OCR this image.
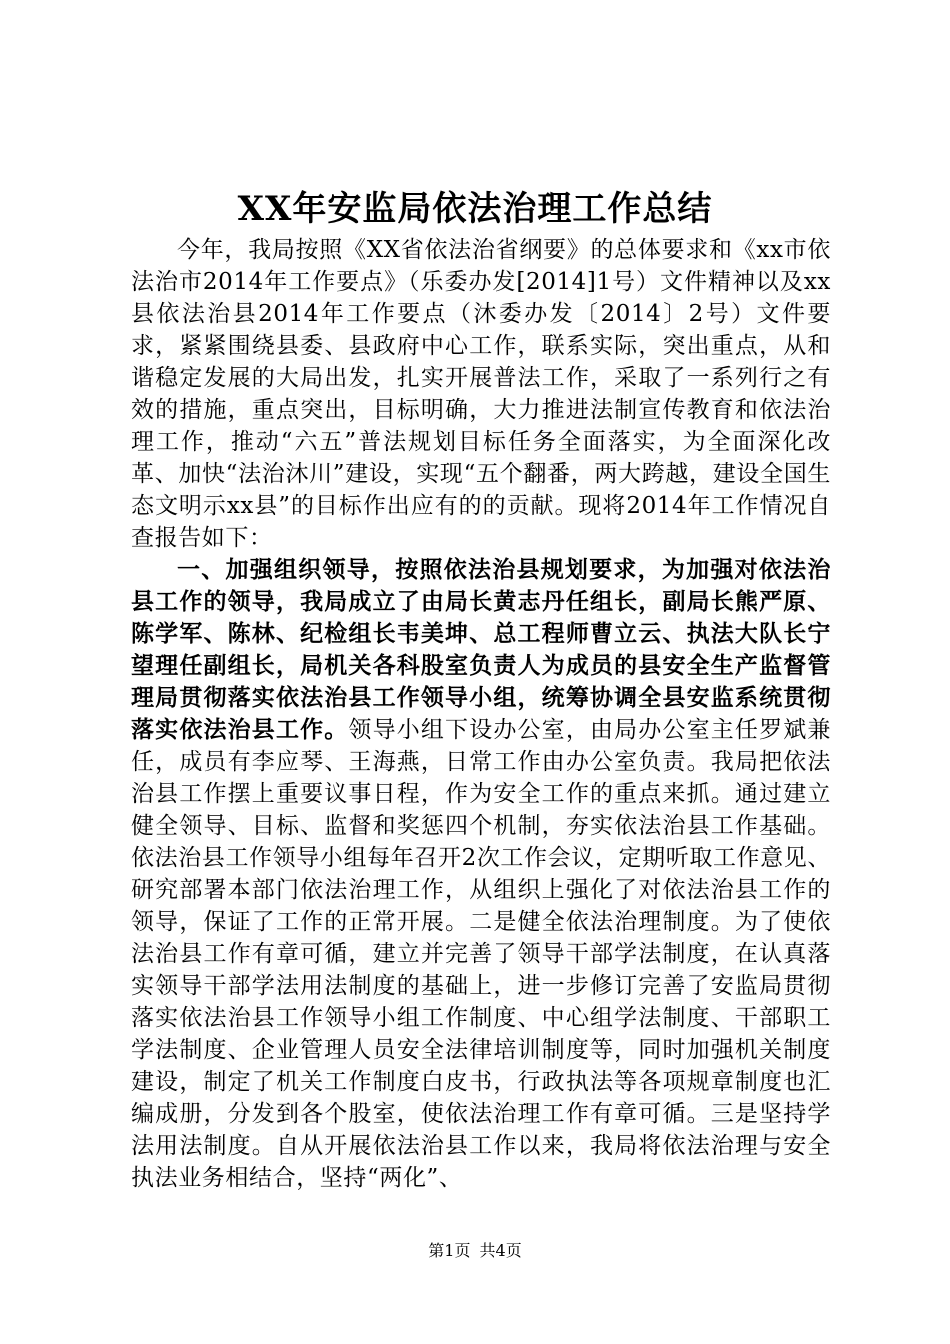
XX年安监局依法治理工作总结

今年，我局按照《XX省依法治省纲要》的总体要求和《xx市依法治市2014年工作要点》（乐委办发[2014]1号）文件精神以及xx县依法治县2014年工作要点（沐委办发〔2014〕2号）文件要求，紧紧围绕县委、县政府中心工作，联系实际，突出重点，从和谐稳定发展的大局出发，扎实开展普法工作，采取了一系列行之有效的措施，重点突出，目标明确，大力推进法制宣传教育和依法治理工作，推动“六五”普法规划目标任务全面落实，为全面深化改革、加快“法治沐川”建设，实现“五个翻番，两大跨越，建设全国生态文明示xx县”的目标作出应有的的贡献。现将2014年工作情况自查报告如下：

一、加强组织领导，按照依法治县规划要求，为加强对依法治县工作的领导，我局成立了由局长黄志丹任组长，副局长熊严原、陈学军、陈林、纪检组长韦美坤、总工程师曹立云、执法大队长宁望理任副组长，局机关各科股室负责人为成员的县安全生产监督管理局贯彻落实依法治县工作领导小组，统筹协调全县安监系统贯彻落实依法治县工作。领导小组下设办公室，由局办公室主任罗斌兼任，成员有李应琴、王海燕，日常工作由办公室负责。我局把依法治县工作摆上重要议事日程，作为安全工作的重点来抓。通过建立健全领导、目标、监督和奖惩四个机制，夯实依法治县工作基础。依法治县工作领导小组每年召开2次工作会议，定期听取工作意见、研究部署本部门依法治理工作，从组织上强化了对依法治县工作的领导，保证了工作的正常开展。二是健全依法治理制度。为了使依法治县工作有章可循，建立并完善了领导干部学法制度，在认真落实领导干部学法用法制度的基础上，进一步修订完善了安监局贯彻落实依法治县工作领导小组工作制度、中心组学法制度、干部职工学法制度、企业管理人员安全法律培训制度等，同时加强机关制度建设，制定了机关工作制度白皮书，行政执法等各项规章制度也汇编成册，分发到各个股室，使依法治理工作有章可循。三是坚持学法用法制度。自从开展依法治县工作以来，我局将依法治理与安全执法业务相结合，坚持“两化”、

第1页 共4页
